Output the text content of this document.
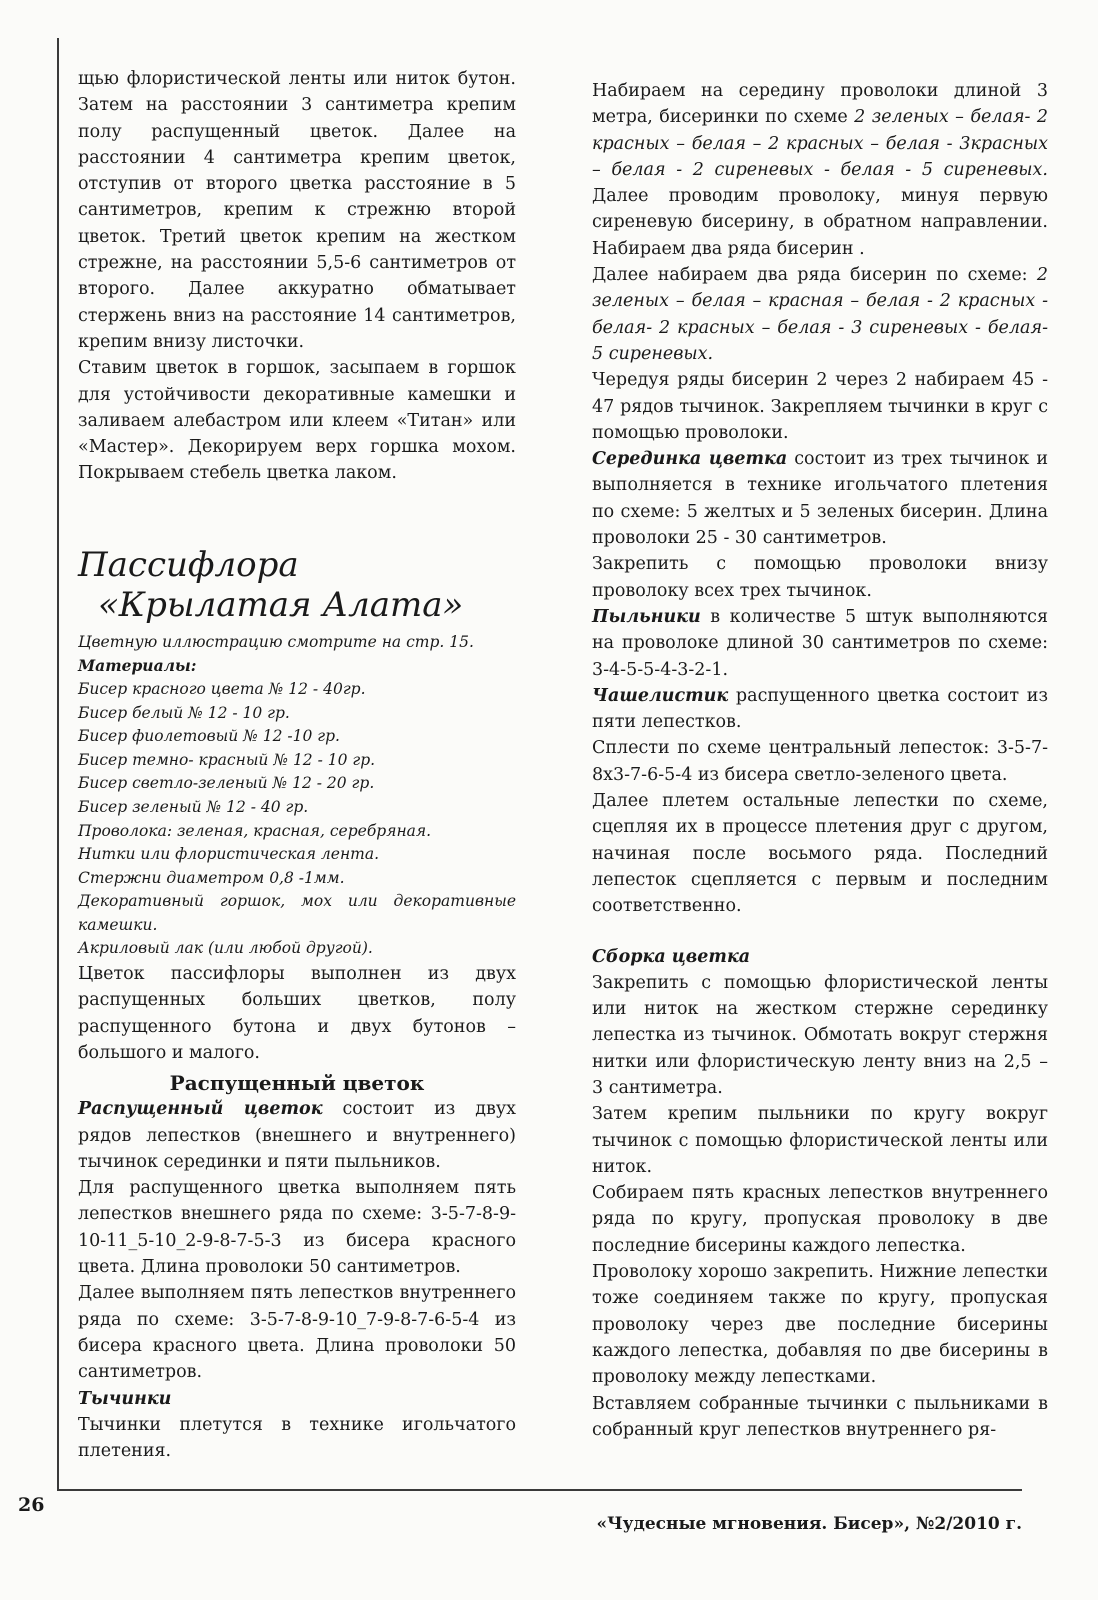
щью флористической ленты или ниток бутон. Затем на расстоянии 3 сантиметра крепим полу распущенный цветок. Далее на расстоянии 4 сантиметра крепим цветок, отступив от второго цветка расстояние в 5 сантиметров, крепим к стрежню второй цветок. Третий цветок крепим на жестком стрежне, на расстоянии 5,5-6 сантиметров от второго. Далее аккуратно обматывает стержень вниз на расстояние 14 сантиметров, крепим внизу листочки.

Ставим цветок в горшок, засыпаем в горшок для устойчивости декоративные камешки и заливаем алебастром или клеем «Титан» или «Мастер». Декорируем верх горшка мохом. Покрываем стебель цветка лаком.

Пассифлора
«Крылатая Алата»

Цветную иллюстрацию смотрите на стр. 15.

Материалы:

Бисер красного цвета № 12 - 40гр.

Бисер белый № 12 - 10 гр.

Бисер фиолетовый № 12 -10 гр.

Бисер темно- красный № 12 - 10 гр.

Бисер светло-зеленый № 12 - 20 гр.

Бисер зеленый № 12 - 40 гр.

Проволока: зеленая, красная, серебряная.

Нитки или флористическая лента.

Стержни диаметром 0,8 -1мм.

Декоративный горшок, мох или декоративные камешки.

Акриловый лак (или любой другой).

Цветок пассифлоры выполнен из двух распущенных больших цветков, полу распущенного бутона и двух бутонов – большого и малого.

Распущенный цветок

Распущенный цветок состоит из двух рядов лепестков (внешнего и внутреннего) тычинок серединки и пяти пыльников.

Для распущенного цветка выполняем пять лепестков внешнего ряда по схеме: 3-5-7-8-9-10-11_5-10_2-9-8-7-5-3 из бисера красного цвета. Длина проволоки 50 сантиметров.

Далее выполняем пять лепестков внутреннего ряда по схеме: 3-5-7-8-9-10_7-9-8-7-6-5-4 из бисера красного цвета. Длина проволоки 50 сантиметров.

Тычинки

Тычинки плетутся в технике игольчатого плетения.

Набираем на середину проволоки длиной 3 метра, бисеринки по схеме 2 зеленых – белая- 2 красных – белая – 2 красных – белая - 3красных – белая - 2 сиреневых - белая - 5 сиреневых. Далее проводим проволоку, минуя первую сиреневую бисерину, в обратном направлении. Набираем два ряда бисерин .

Далее набираем два ряда бисерин по схеме: 2 зеленых – белая – красная – белая - 2 красных - белая- 2 красных – белая - 3 сиреневых - белая- 5 сиреневых.

Чередуя ряды бисерин 2 через 2 набираем 45 - 47 рядов тычинок. Закрепляем тычинки в круг с помощью проволоки.

Серединка цветка состоит из трех тычинок и выполняется в технике игольчатого плетения по схеме: 5 желтых и 5 зеленых бисерин. Длина проволоки 25 - 30 сантиметров.

Закрепить с помощью проволоки внизу проволоку всех трех тычинок.

Пыльники в количестве 5 штук выполняются на проволоке длиной 30 сантиметров по схеме: 3-4-5-5-4-3-2-1.

Чашелистик распущенного цветка состоит из пяти лепестков.

Сплести по схеме центральный лепесток: 3-5-7-8х3-7-6-5-4 из бисера светло-зеленого цвета.

Далее плетем остальные лепестки по схеме, сцепляя их в процессе плетения друг с другом, начиная после восьмого ряда. Последний лепесток сцепляется с первым и последним соответственно.

Сборка цветка

Закрепить с помощью флористической ленты или ниток на жестком стержне серединку лепестка из тычинок. Обмотать вокруг стержня нитки или флористическую ленту вниз на 2,5 – 3 сантиметра.

Затем крепим пыльники по кругу вокруг тычинок с помощью флористической ленты или ниток.

Собираем пять красных лепестков внутреннего ряда по кругу, пропуская проволоку в две последние бисерины каждого лепестка.

Проволоку хорошо закрепить. Нижние лепестки тоже соединяем также по кругу, пропуская проволоку через две последние бисерины каждого лепестка, добавляя по две бисерины в проволоку между лепестками.

Вставляем собранные тычинки с пыльниками в собранный круг лепестков внутреннего ря-

26
«Чудесные мгновения. Бисер», №2/2010 г.
